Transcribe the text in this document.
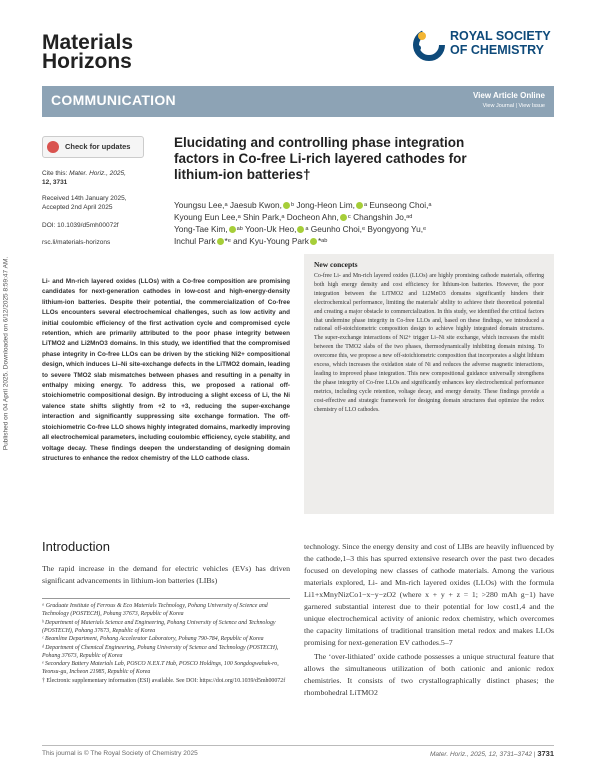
Materials
Horizons
ROYAL SOCIETY
OF CHEMISTRY
COMMUNICATION	View Article Online
View Journal | View Issue
Published on 04 April 2025. Downloaded on 6/12/2025 8:59:47 AM.
Check for updates
Cite this: Mater. Horiz., 2025,
12, 3731
Received 14th January 2025,
Accepted 2nd April 2025
DOI: 10.1039/d5mh00072f
rsc.li/materials-horizons
Elucidating and controlling phase integration factors in Co-free Li-rich layered cathodes for lithium-ion batteries†
Youngsu Lee,ᵃ Jaesub Kwon, ᵇ Jong-Heon Lim, ᵃ Eunseong Choi,ᵃ
Kyoung Eun Lee,ᵃ Shin Park,ᵃ Docheon Ahn, ᶜ Changshin Jo,ᵃᵈ
Yong-Tae Kim, ᵃᵇ Yoon-Uk Heo, ᵃ Geunho Choi,ᵉ Byongyong Yu,ᵉ
Inchul Park *ᵉ and Kyu-Young Park *ᵃᵇ
Li- and Mn-rich layered oxides (LLOs) with a Co-free composition are promising candidates for next-generation cathodes in low-cost and high-energy-density lithium-ion batteries. Despite their potential, the commercialization of Co-free LLOs encounters several electrochemical challenges, such as low activity and initial coulombic efficiency of the first activation cycle and compromised cycle retention, which are primarily attributed to the poor phase integrity between LiTMO2 and Li2MnO3 domains. In this study, we identified that the compromised phase integrity in Co-free LLOs can be driven by the sticking Ni2+ compositional design, which induces Li–Ni site-exchange defects in the LiTMO2 domain, leading to severe TMO2 slab mismatches between phases and resulting in a penalty in enthalpy mixing energy. To address this, we proposed a rational off-stoichiometric compositional design. By introducing a slight excess of Li, the Ni valence state shifts slightly from +2 to +3, reducing the super-exchange interaction and significantly suppressing site exchange formation. The off-stoichiometric Co-free LLO shows highly integrated domains, markedly improving all electrochemical parameters, including coulombic efficiency, cycle stability, and voltage decay. These findings deepen the understanding of designing domain structures to enhance the redox chemistry of the LLO cathode class.
New concepts
Co-free Li- and Mn-rich layered oxides (LLOs) are highly promising cathode materials, offering both high energy density and cost efficiency for lithium-ion batteries. However, the poor integration between the LiTMO2 and Li2MnO3 domains significantly hinders their electrochemical performance, limiting the materials' ability to achieve their theoretical potential and creating a major obstacle to commercialization. In this study, we identified the critical factors that undermine phase integrity in Co-free LLOs and, based on these findings, we introduced a rational off-stoichiometric composition design to achieve highly integrated domain structures. The super-exchange interactions of Ni2+ trigger Li–Ni site exchange, which increases the misfit between the TMO2 slabs of the two phases, thermodynamically inhibiting domain mixing. To overcome this, we propose a new off-stoichiometric composition that incorporates a slight lithium excess, which increases the oxidation state of Ni and reduces the adverse magnetic interactions, leading to improved phase integration. This new compositional guidance universally strengthens the phase integrity of Co-free LLOs and significantly enhances key electrochemical performance metrics, including cycle retention, voltage decay, and energy density. These findings provide a cost-effective and strategic framework for designing domain structures that optimize the redox chemistry of LLO cathodes.
Introduction
The rapid increase in the demand for electric vehicles (EVs) has driven significant advancements in lithium-ion batteries (LIBs)
ᵃ Graduate Institute of Ferrous & Eco Materials Technology, Pohang University of Science and Technology (POSTECH), Pohang 37673, Republic of Korea
ᵇ Department of Materials Science and Engineering, Pohang University of Science and Technology (POSTECH), Pohang 37673, Republic of Korea
ᶜ Beamline Department, Pohang Accelerator Laboratory, Pohang 790-784, Republic of Korea
ᵈ Department of Chemical Engineering, Pohang University of Science and Technology (POSTECH), Pohang 37673, Republic of Korea
ᵉ Secondary Battery Materials Lab, POSCO N.EX.T Hub, POSCO Holdings, 100 Songdogwahak-ro, Yeonsu-gu, Incheon 21985, Republic of Korea
† Electronic supplementary information (ESI) available. See DOI: https://doi.org/10.1039/d5mh00072f
technology. Since the energy density and cost of LIBs are heavily influenced by the cathode,1–3 this has spurred extensive research over the past two decades focused on developing new classes of cathode materials. Among the various materials explored, Li- and Mn-rich layered oxides (LLOs) with the formula Li1+xMnyNizCo1−x−y−zO2 (where x + y + z = 1; >280 mAh g−1) have garnered substantial interest due to their potential for low cost1,4 and the unique electrochemical activity of anionic redox chemistry, which overcomes the capacity limitations of traditional transition metal redox and makes LLOs promising for next-generation EV cathodes.5–7
The ‘over-lithiated’ oxide cathode possesses a unique structural feature that allows the simultaneous utilization of both cationic and anionic redox chemistries. It consists of two crystallographically distinct phases; the rhombohedral LiTMO2
This journal is © The Royal Society of Chemistry 2025	Mater. Horiz., 2025, 12, 3731–3742 | 3731
